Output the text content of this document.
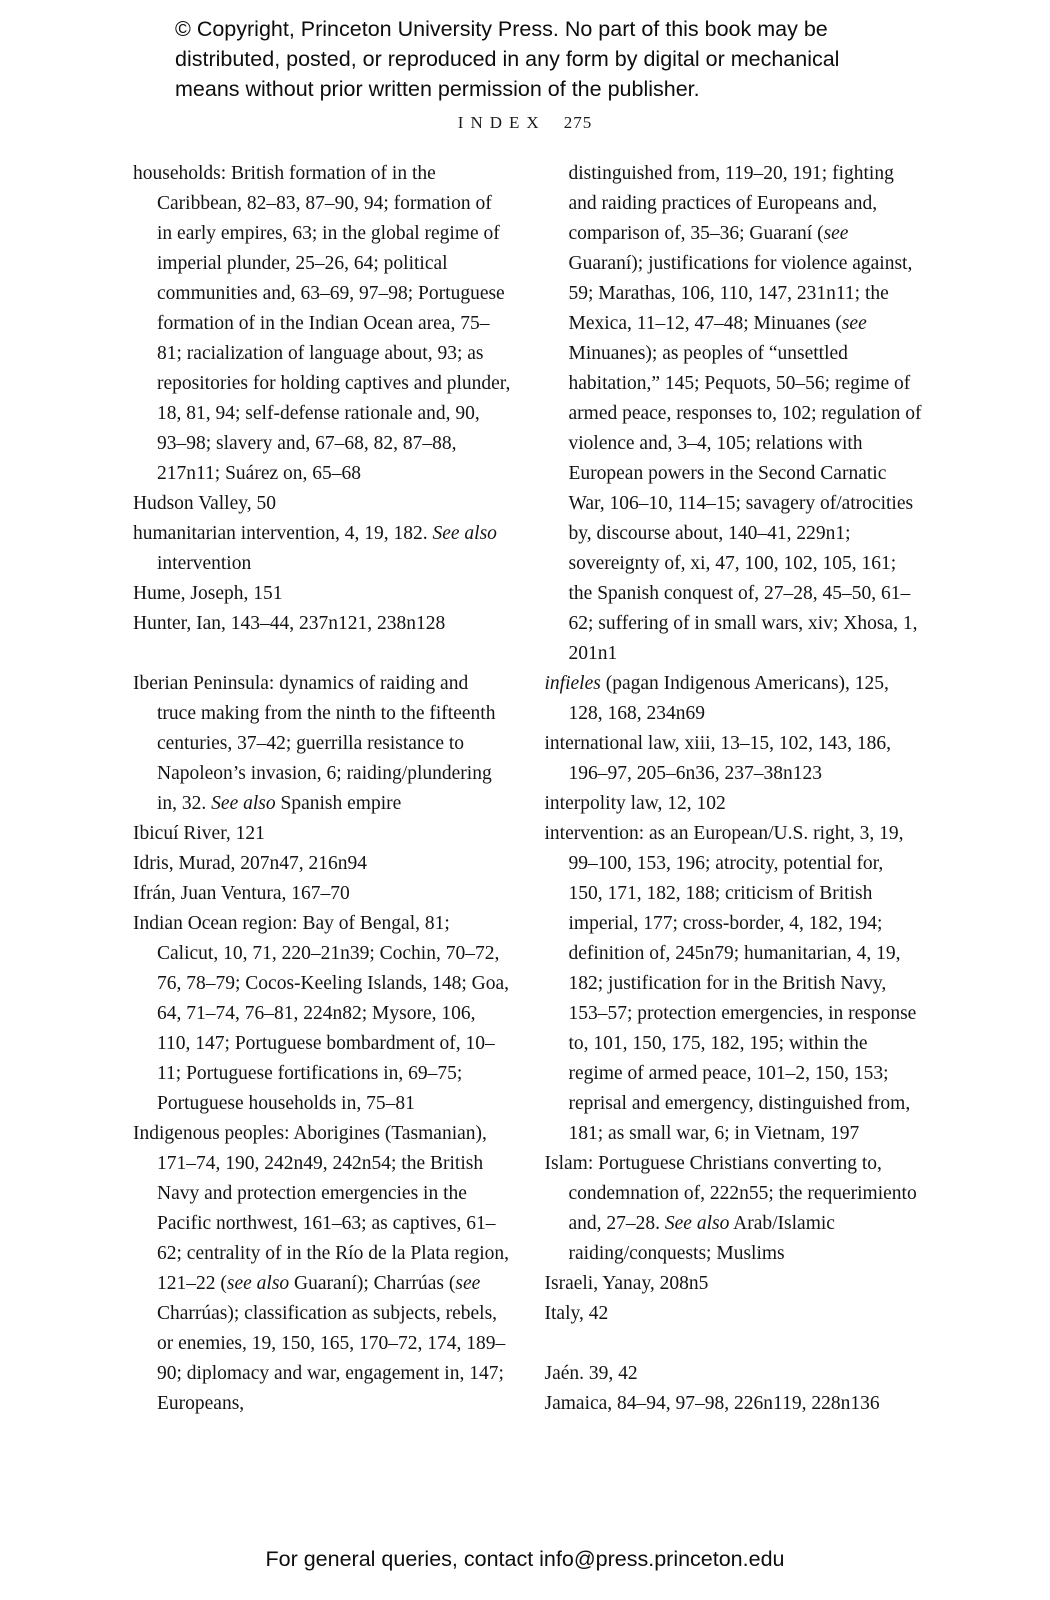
© Copyright, Princeton University Press. No part of this book may be distributed, posted, or reproduced in any form by digital or mechanical means without prior written permission of the publisher.
INDEX 275
households: British formation of in the Caribbean, 82–83, 87–90, 94; formation of in early empires, 63; in the global regime of imperial plunder, 25–26, 64; political communities and, 63–69, 97–98; Portuguese formation of in the Indian Ocean area, 75–81; racialization of language about, 93; as repositories for holding captives and plunder, 18, 81, 94; self-defense rationale and, 90, 93–98; slavery and, 67–68, 82, 87–88, 217n11; Suárez on, 65–68
Hudson Valley, 50
humanitarian intervention, 4, 19, 182. See also intervention
Hume, Joseph, 151
Hunter, Ian, 143–44, 237n121, 238n128
Iberian Peninsula: dynamics of raiding and truce making from the ninth to the fifteenth centuries, 37–42; guerrilla resistance to Napoleon’s invasion, 6; raiding/plundering in, 32. See also Spanish empire
Ibicuí River, 121
Idris, Murad, 207n47, 216n94
Ifrán, Juan Ventura, 167–70
Indian Ocean region: Bay of Bengal, 81; Calicut, 10, 71, 220–21n39; Cochin, 70–72, 76, 78–79; Cocos-Keeling Islands, 148; Goa, 64, 71–74, 76–81, 224n82; Mysore, 106, 110, 147; Portuguese bombardment of, 10–11; Portuguese fortifications in, 69–75; Portuguese households in, 75–81
Indigenous peoples: Aborigines (Tasmanian), 171–74, 190, 242n49, 242n54; the British Navy and protection emergencies in the Pacific northwest, 161–63; as captives, 61–62; centrality of in the Río de la Plata region, 121–22 (see also Guaraní); Charrúas (see Charrúas); classification as subjects, rebels, or enemies, 19, 150, 165, 170–72, 174, 189–90; diplomacy and war, engagement in, 147; Europeans,
distinguished from, 119–20, 191; fighting and raiding practices of Europeans and, comparison of, 35–36; Guaraní (see Guaraní); justifications for violence against, 59; Marathas, 106, 110, 147, 231n11; the Mexica, 11–12, 47–48; Minuanes (see Minuanes); as peoples of “unsettled habitation,” 145; Pequots, 50–56; regime of armed peace, responses to, 102; regulation of violence and, 3–4, 105; relations with European powers in the Second Carnatic War, 106–10, 114–15; savagery of/atrocities by, discourse about, 140–41, 229n1; sovereignty of, xi, 47, 100, 102, 105, 161; the Spanish conquest of, 27–28, 45–50, 61–62; suffering of in small wars, xiv; Xhosa, 1, 201n1
infieles (pagan Indigenous Americans), 125, 128, 168, 234n69
international law, xiii, 13–15, 102, 143, 186, 196–97, 205–6n36, 237–38n123
interpolity law, 12, 102
intervention: as an European/U.S. right, 3, 19, 99–100, 153, 196; atrocity, potential for, 150, 171, 182, 188; criticism of British imperial, 177; cross-border, 4, 182, 194; definition of, 245n79; humanitarian, 4, 19, 182; justification for in the British Navy, 153–57; protection emergencies, in response to, 101, 150, 175, 182, 195; within the regime of armed peace, 101–2, 150, 153; reprisal and emergency, distinguished from, 181; as small war, 6; in Vietnam, 197
Islam: Portuguese Christians converting to, condemnation of, 222n55; the requerimiento and, 27–28. See also Arab/Islamic raiding/conquests; Muslims
Israeli, Yanay, 208n5
Italy, 42
Jaén. 39, 42
Jamaica, 84–94, 97–98, 226n119, 228n136
For general queries, contact info@press.princeton.edu
